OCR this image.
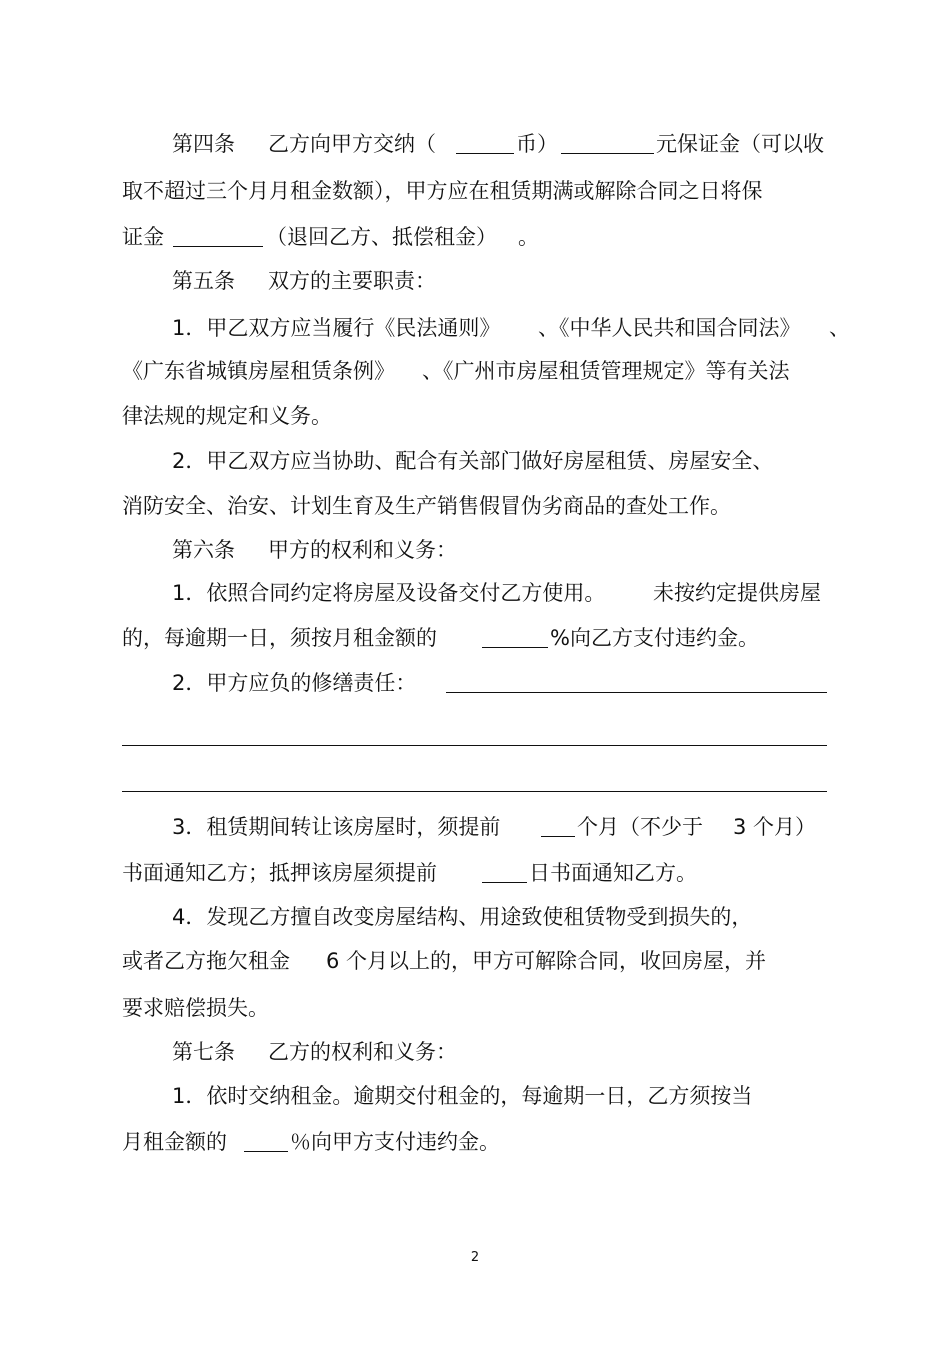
第四条 乙方向甲方交纳（	币）	元保证金（可以收
取不超过三个月月租金数额），甲方应在租赁期满或解除合同之日将保
证金	（退回乙方、抵偿租金） 。
第五条 双方的主要职责：
1．甲乙双方应当履行《民法通则》 、《中华人民共和国合同法》 、
《广东省城镇房屋租赁条例》 、《广州市房屋租赁管理规定》等有关法
律法规的规定和义务。
2．甲乙双方应当协助、配合有关部门做好房屋租赁、房屋安全、
消防安全、治安、计划生育及生产销售假冒伪劣商品的查处工作。
第六条 甲方的权利和义务：
1．依照合同约定将房屋及设备交付乙方使用。 未按约定提供房屋
的，每逾期一日，须按月租金额的	%向乙方支付违约金。
2．甲方应负的修缮责任：
3．租赁期间转让该房屋时，须提前	个月（不少于 3 个月）
书面通知乙方；抵押该房屋须提前	日书面通知乙方。
4．发现乙方擅自改变房屋结构、用途致使租赁物受到损失的，
或者乙方拖欠租金 6 个月以上的，甲方可解除合同，收回房屋，并
要求赔偿损失。
第七条 乙方的权利和义务：
1．依时交纳租金。逾期交付租金的，每逾期一日，乙方须按当
月租金额的	％向甲方支付违约金。
2
